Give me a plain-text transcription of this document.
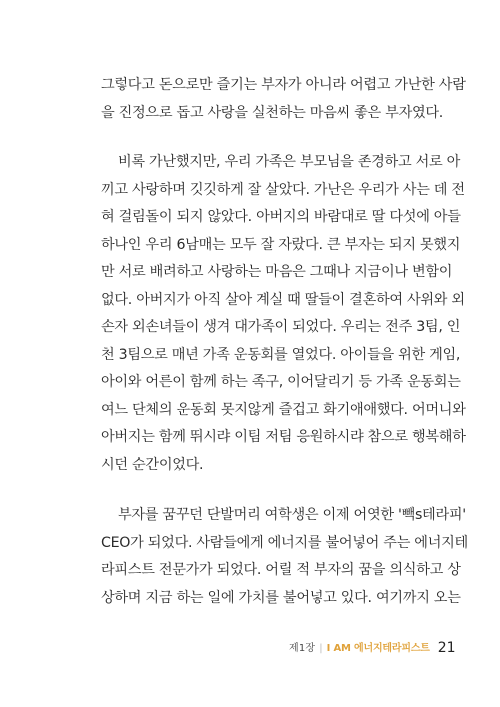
그렇다고 돈으로만 즐기는 부자가 아니라 어렵고 가난한 사람
을 진정으로 돕고 사랑을 실천하는 마음씨 좋은 부자였다.
비록 가난했지만, 우리 가족은 부모님을 존경하고 서로 아
끼고 사랑하며 깃깃하게 잘 살았다. 가난은 우리가 사는 데 전
혀 걸림돌이 되지 않았다. 아버지의 바람대로 딸 다섯에 아들
하나인 우리 6남매는 모두 잘 자랐다. 큰 부자는 되지 못했지
만 서로 배려하고 사랑하는 마음은 그때나 지금이나 변함이
없다. 아버지가 아직 살아 계실 때 딸들이 결혼하여 사위와 외
손자 외손녀들이 생겨 대가족이 되었다. 우리는 전주 3팀, 인
천 3팀으로 매년 가족 운동회를 열었다. 아이들을 위한 게임,
아이와 어른이 함께 하는 족구, 이어달리기 등 가족 운동회는
여느 단체의 운동회 못지않게 즐겁고 화기애애했다. 어머니와
아버지는 함께 뛰시랴 이팀 저팀 응원하시랴 참으로 행복해하
시던 순간이었다.
부자를 꿈꾸던 단발머리 여학생은 이제 어엿한 '빽s테라피'
CEO가 되었다. 사람들에게 에너지를 불어넣어 주는 에너지테
라피스트 전문가가 되었다. 어릴 적 부자의 꿈을 의식하고 상
상하며 지금 하는 일에 가치를 불어넣고 있다. 여기까지 오는
제1장 | I AM 에너지테라피스트 21
